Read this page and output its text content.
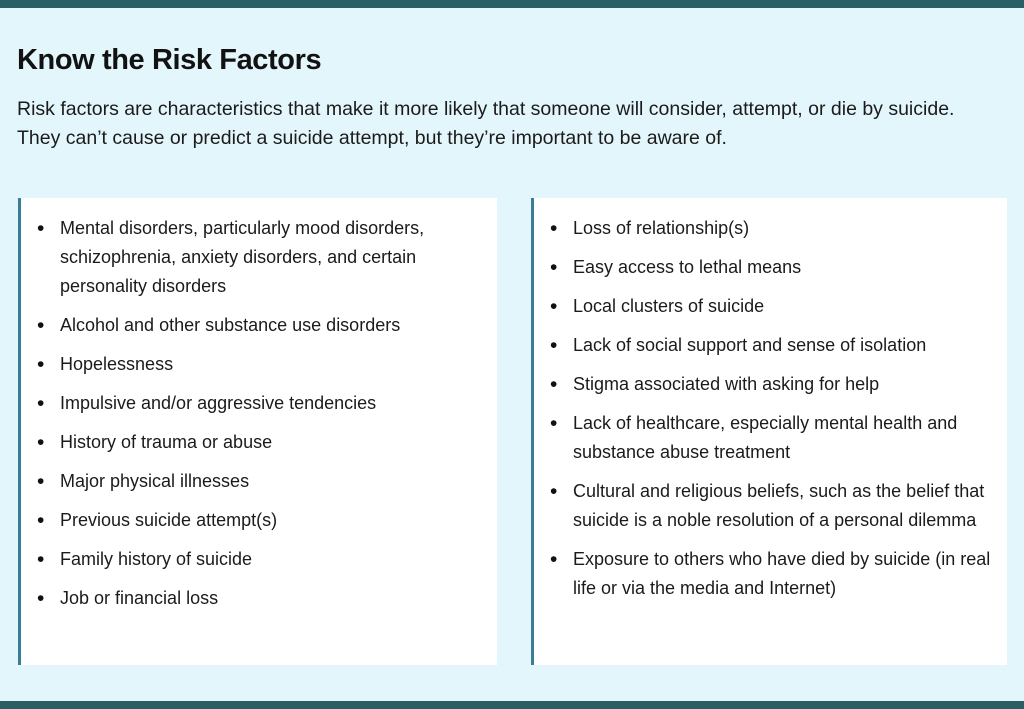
Know the Risk Factors

Risk factors are characteristics that make it more likely that someone will consider, attempt, or die by suicide. They can’t cause or predict a suicide attempt, but they’re important to be aware of.

• Mental disorders, particularly mood disorders, schizophrenia, anxiety disorders, and certain personality disorders
• Alcohol and other substance use disorders
• Hopelessness
• Impulsive and/or aggressive tendencies
• History of trauma or abuse
• Major physical illnesses
• Previous suicide attempt(s)
• Family history of suicide
• Job or financial loss
• Loss of relationship(s)
• Easy access to lethal means
• Local clusters of suicide
• Lack of social support and sense of isolation
• Stigma associated with asking for help
• Lack of healthcare, especially mental health and substance abuse treatment
• Cultural and religious beliefs, such as the belief that suicide is a noble resolution of a personal dilemma
• Exposure to others who have died by suicide (in real life or via the media and Internet)
